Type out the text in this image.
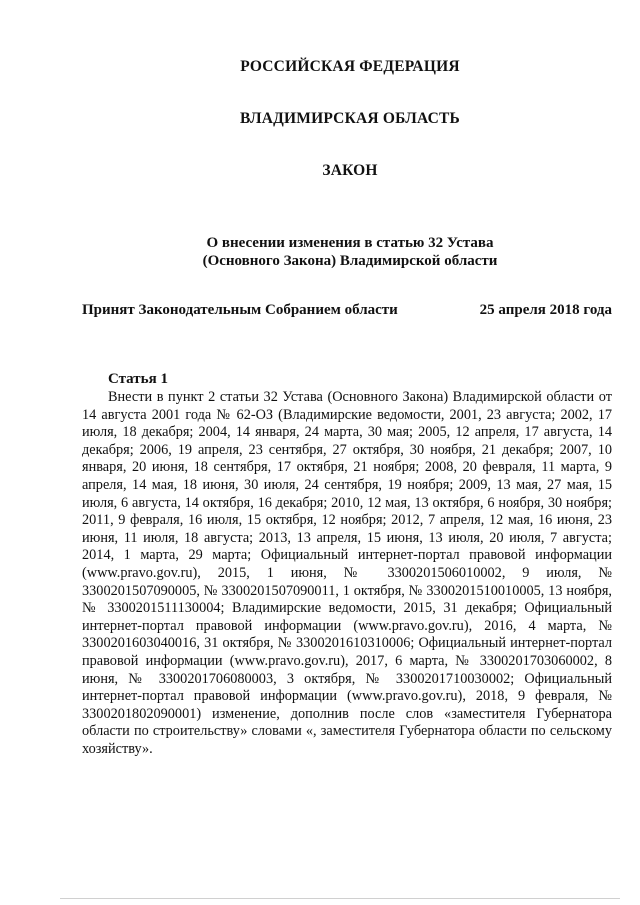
РОССИЙСКАЯ ФЕДЕРАЦИЯ
ВЛАДИМИРСКАЯ ОБЛАСТЬ
ЗАКОН
О внесении изменения в статью 32 Устава
(Основного Закона) Владимирской области
Принят Законодательным Собранием области	25 апреля 2018 года
Статья 1

Внести в пункт 2 статьи 32 Устава (Основного Закона) Владимирской области от 14 августа 2001 года № 62-ОЗ (Владимирские ведомости, 2001, 23 августа; 2002, 17 июля, 18 декабря; 2004, 14 января, 24 марта, 30 мая; 2005, 12 апреля, 17 августа, 14 декабря; 2006, 19 апреля, 23 сентября, 27 октября, 30 ноября, 21 декабря; 2007, 10 января, 20 июня, 18 сентября, 17 октября, 21 ноября; 2008, 20 февраля, 11 марта, 9 апреля, 14 мая, 18 июня, 30 июля, 24 сентября, 19 ноября; 2009, 13 мая, 27 мая, 15 июля, 6 августа, 14 октября, 16 декабря; 2010, 12 мая, 13 октября, 6 ноября, 30 ноября; 2011, 9 февраля, 16 июля, 15 октября, 12 ноября; 2012, 7 апреля, 12 мая, 16 июня, 23 июня, 11 июля, 18 августа; 2013, 13 апреля, 15 июня, 13 июля, 20 июля, 7 августа; 2014, 1 марта, 29 марта; Официальный интернет-портал правовой информации (www.pravo.gov.ru), 2015, 1 июня, № 3300201506010002, 9 июля, № 3300201507090005, № 3300201507090011, 1 октября, № 3300201510010005, 13 ноября, № 3300201511130004; Владимирские ведомости, 2015, 31 декабря; Официальный интернет-портал правовой информации (www.pravo.gov.ru), 2016, 4 марта, № 3300201603040016, 31 октября, № 3300201610310006; Официальный интернет-портал правовой информации (www.pravo.gov.ru), 2017, 6 марта, № 3300201703060002, 8 июня, № 3300201706080003, 3 октября, № 3300201710030002; Официальный интернет-портал правовой информации (www.pravo.gov.ru), 2018, 9 февраля, № 3300201802090001) изменение, дополнив после слов «заместителя Губернатора области по строительству» словами «, заместителя Губернатора области по сельскому хозяйству».
